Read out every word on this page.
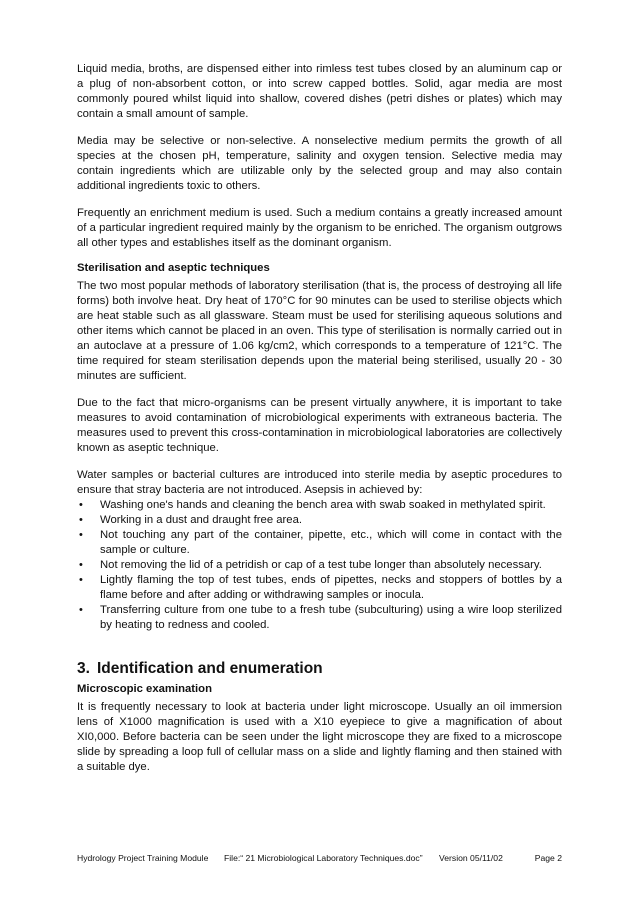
Liquid media, broths, are dispensed either into rimless test tubes closed by an aluminum cap or a plug of non-absorbent cotton, or into screw capped bottles. Solid, agar media are most commonly poured whilst liquid into shallow, covered dishes (petri dishes or plates) which may contain a small amount of sample.

Media may be selective or non-selective. A nonselective medium permits the growth of all species at the chosen pH, temperature, salinity and oxygen tension. Selective media may contain ingredients which are utilizable only by the selected group and may also contain additional ingredients toxic to others.

Frequently an enrichment medium is used. Such a medium contains a greatly increased amount of a particular ingredient required mainly by the organism to be enriched. The organism outgrows all other types and establishes itself as the dominant organism.

Sterilisation and aseptic techniques

The two most popular methods of laboratory sterilisation (that is, the process of destroying all life forms) both involve heat. Dry heat of 170°C for 90 minutes can be used to sterilise objects which are heat stable such as all glassware. Steam must be used for sterilising aqueous solutions and other items which cannot be placed in an oven. This type of sterilisation is normally carried out in an autoclave at a pressure of 1.06 kg/cm2, which corresponds to a temperature of 121°C. The time required for steam sterilisation depends upon the material being sterilised, usually 20 - 30 minutes are sufficient.

Due to the fact that micro-organisms can be present virtually anywhere, it is important to take measures to avoid contamination of microbiological experiments with extraneous bacteria. The measures used to prevent this cross-contamination in microbiological laboratories are collectively known as aseptic technique.

Water samples or bacterial cultures are introduced into sterile media by aseptic procedures to ensure that stray bacteria are not introduced. Asepsis in achieved by:

• Washing one's hands and cleaning the bench area with swab soaked in methylated spirit.
• Working in a dust and draught free area.
• Not touching any part of the container, pipette, etc., which will come in contact with the sample or culture.
• Not removing the lid of a petridish or cap of a test tube longer than absolutely necessary.
• Lightly flaming the top of test tubes, ends of pipettes, necks and stoppers of bottles by a flame before and after adding or withdrawing samples or inocula.
• Transferring culture from one tube to a fresh tube (subculturing) using a wire loop sterilized by heating to redness and cooled.
3. Identification and enumeration
Microscopic examination

It is frequently necessary to look at bacteria under light microscope. Usually an oil immersion lens of X1000 magnification is used with a X10 eyepiece to give a magnification of about XI0,000. Before bacteria can be seen under the light microscope they are fixed to a microscope slide by spreading a loop full of cellular mass on a slide and lightly flaming and then stained with a suitable dye.

Hydrology Project Training Module File:“ 21 Microbiological Laboratory Techniques.doc” Version 05/11/02	Page 2
